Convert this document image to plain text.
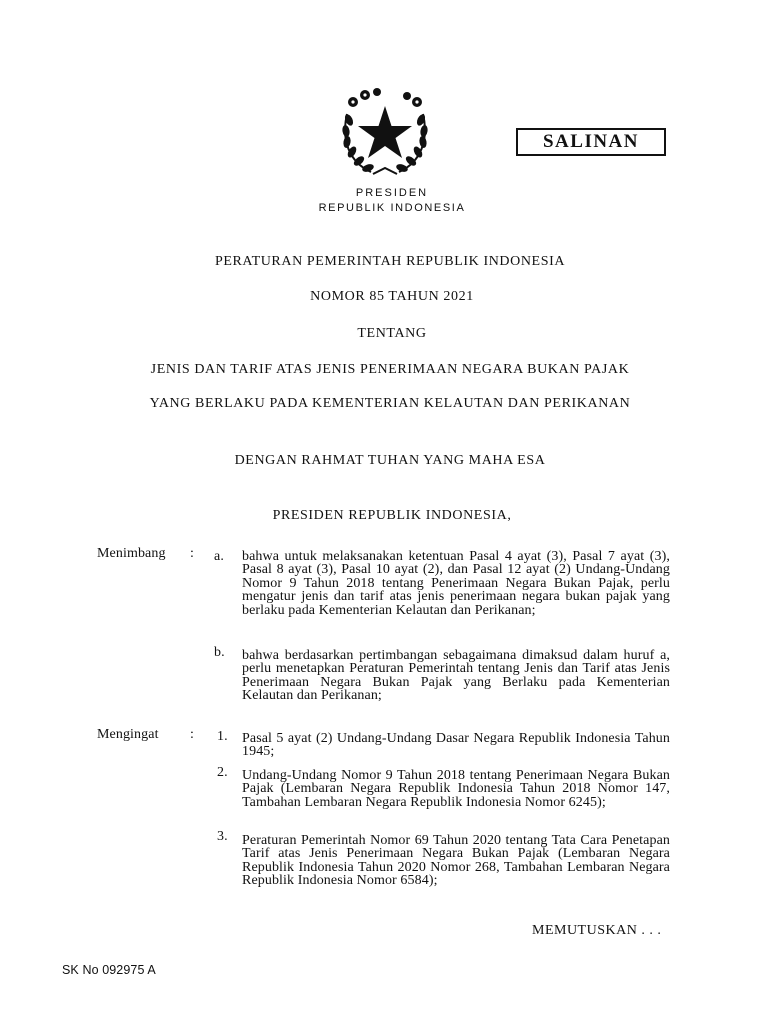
SALINAN
PRESIDEN
REPUBLIK INDONESIA
PERATURAN PEMERINTAH REPUBLIK INDONESIA
NOMOR 85 TAHUN 2021
TENTANG
JENIS DAN TARIF ATAS JENIS PENERIMAAN NEGARA BUKAN PAJAK
YANG BERLAKU PADA KEMENTERIAN KELAUTAN DAN PERIKANAN
DENGAN RAHMAT TUHAN YANG MAHA ESA
PRESIDEN REPUBLIK INDONESIA,
Menimbang : a. bahwa untuk melaksanakan ketentuan Pasal 4 ayat (3), Pasal 7 ayat (3), Pasal 8 ayat (3), Pasal 10 ayat (2), dan Pasal 12 ayat (2) Undang-Undang Nomor 9 Tahun 2018 tentang Penerimaan Negara Bukan Pajak, perlu mengatur jenis dan tarif atas jenis penerimaan negara bukan pajak yang berlaku pada Kementerian Kelautan dan Perikanan;
b. bahwa berdasarkan pertimbangan sebagaimana dimaksud dalam huruf a, perlu menetapkan Peraturan Pemerintah tentang Jenis dan Tarif atas Jenis Penerimaan Negara Bukan Pajak yang Berlaku pada Kementerian Kelautan dan Perikanan;
Mengingat : 1. Pasal 5 ayat (2) Undang-Undang Dasar Negara Republik Indonesia Tahun 1945;
2. Undang-Undang Nomor 9 Tahun 2018 tentang Penerimaan Negara Bukan Pajak (Lembaran Negara Republik Indonesia Tahun 2018 Nomor 147, Tambahan Lembaran Negara Republik Indonesia Nomor 6245);
3. Peraturan Pemerintah Nomor 69 Tahun 2020 tentang Tata Cara Penetapan Tarif atas Jenis Penerimaan Negara Bukan Pajak (Lembaran Negara Republik Indonesia Tahun 2020 Nomor 268, Tambahan Lembaran Negara Republik Indonesia Nomor 6584);
MEMUTUSKAN . . .
SK No 092975 A
